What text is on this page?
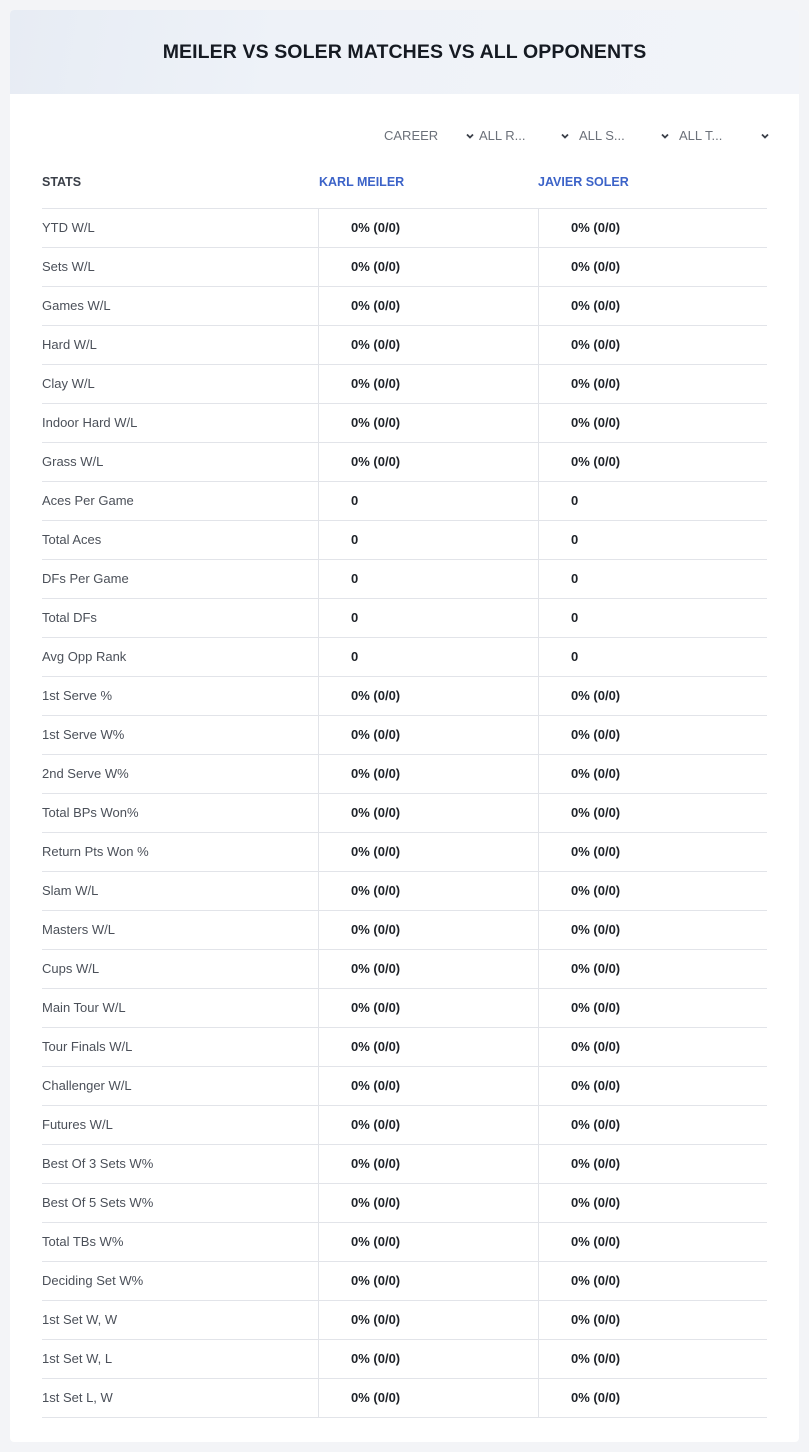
MEILER VS SOLER MATCHES VS ALL OPPONENTS
CAREER	ALL R...	ALL S...	ALL T...
STATS	KARL MEILER	JAVIER SOLER
YTD W/L	0% (0/0)	0% (0/0)
Sets W/L	0% (0/0)	0% (0/0)
Games W/L	0% (0/0)	0% (0/0)
Hard W/L	0% (0/0)	0% (0/0)
Clay W/L	0% (0/0)	0% (0/0)
Indoor Hard W/L	0% (0/0)	0% (0/0)
Grass W/L	0% (0/0)	0% (0/0)
Aces Per Game	0	0
Total Aces	0	0
DFs Per Game	0	0
Total DFs	0	0
Avg Opp Rank	0	0
1st Serve %	0% (0/0)	0% (0/0)
1st Serve W%	0% (0/0)	0% (0/0)
2nd Serve W%	0% (0/0)	0% (0/0)
Total BPs Won%	0% (0/0)	0% (0/0)
Return Pts Won %	0% (0/0)	0% (0/0)
Slam W/L	0% (0/0)	0% (0/0)
Masters W/L	0% (0/0)	0% (0/0)
Cups W/L	0% (0/0)	0% (0/0)
Main Tour W/L	0% (0/0)	0% (0/0)
Tour Finals W/L	0% (0/0)	0% (0/0)
Challenger W/L	0% (0/0)	0% (0/0)
Futures W/L	0% (0/0)	0% (0/0)
Best Of 3 Sets W%	0% (0/0)	0% (0/0)
Best Of 5 Sets W%	0% (0/0)	0% (0/0)
Total TBs W%	0% (0/0)	0% (0/0)
Deciding Set W%	0% (0/0)	0% (0/0)
1st Set W, W	0% (0/0)	0% (0/0)
1st Set W, L	0% (0/0)	0% (0/0)
1st Set L, W	0% (0/0)	0% (0/0)
